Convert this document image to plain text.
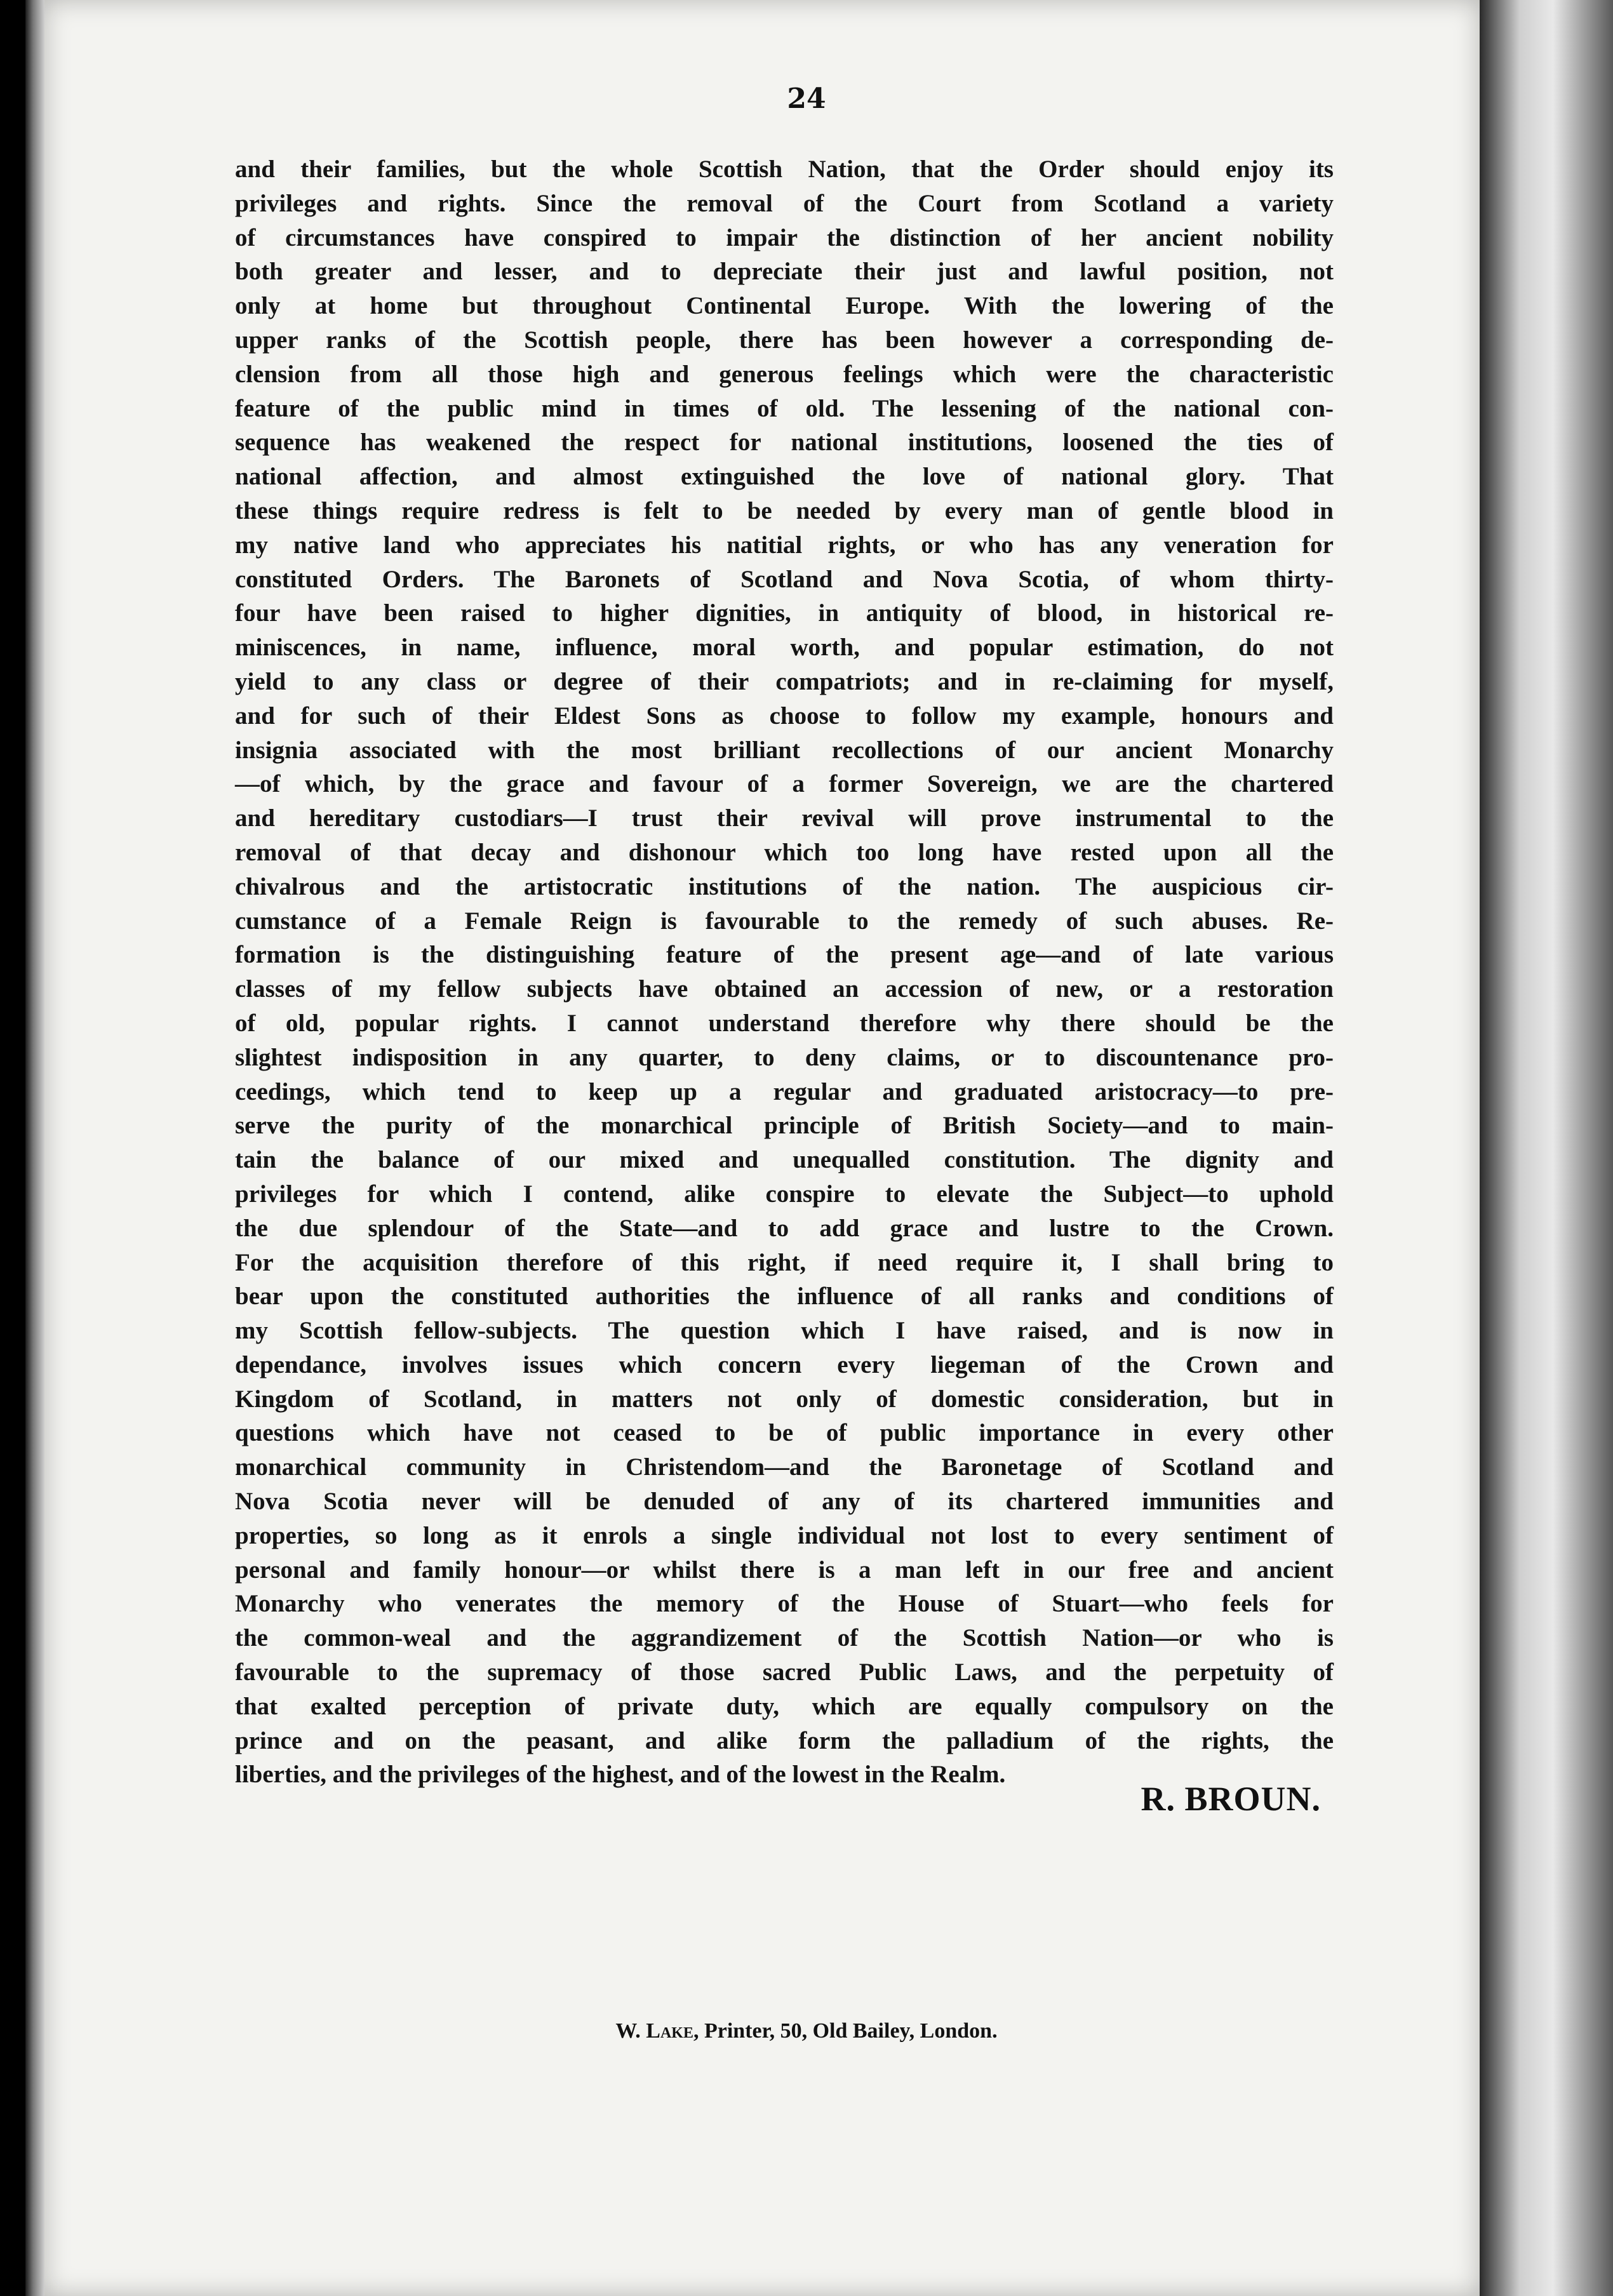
24
and their families, but the whole Scottish Nation, that the Order should enjoy its
privileges and rights. Since the removal of the Court from Scotland a variety
of circumstances have conspired to impair the distinction of her ancient nobility
both greater and lesser, and to depreciate their just and lawful position, not
only at home but throughout Continental Europe. With the lowering of the
upper ranks of the Scottish people, there has been however a corresponding de-
clension from all those high and generous feelings which were the characteristic
feature of the public mind in times of old. The lessening of the national con-
sequence has weakened the respect for national institutions, loosened the ties of
national affection, and almost extinguished the love of national glory. That
these things require redress is felt to be needed by every man of gentle blood in
my native land who appreciates his natitial rights, or who has any veneration for
constituted Orders. The Baronets of Scotland and Nova Scotia, of whom thirty-
four have been raised to higher dignities, in antiquity of blood, in historical re-
miniscences, in name, influence, moral worth, and popular estimation, do not
yield to any class or degree of their compatriots; and in re-claiming for myself,
and for such of their Eldest Sons as choose to follow my example, honours and
insignia associated with the most brilliant recollections of our ancient Monarchy
—of which, by the grace and favour of a former Sovereign, we are the chartered
and hereditary custodiars—I trust their revival will prove instrumental to the
removal of that decay and dishonour which too long have rested upon all the
chivalrous and the artistocratic institutions of the nation. The auspicious cir-
cumstance of a Female Reign is favourable to the remedy of such abuses. Re-
formation is the distinguishing feature of the present age—and of late various
classes of my fellow subjects have obtained an accession of new, or a restoration
of old, popular rights. I cannot understand therefore why there should be the
slightest indisposition in any quarter, to deny claims, or to discountenance pro-
ceedings, which tend to keep up a regular and graduated aristocracy—to pre-
serve the purity of the monarchical principle of British Society—and to main-
tain the balance of our mixed and unequalled constitution. The dignity and
privileges for which I contend, alike conspire to elevate the Subject—to uphold
the due splendour of the State—and to add grace and lustre to the Crown.
For the acquisition therefore of this right, if need require it, I shall bring to
bear upon the constituted authorities the influence of all ranks and conditions of
my Scottish fellow-subjects. The question which I have raised, and is now in
dependance, involves issues which concern every liegeman of the Crown and
Kingdom of Scotland, in matters not only of domestic consideration, but in
questions which have not ceased to be of public importance in every other
monarchical community in Christendom—and the Baronetage of Scotland and
Nova Scotia never will be denuded of any of its chartered immunities and
properties, so long as it enrols a single individual not lost to every sentiment of
personal and family honour—or whilst there is a man left in our free and ancient
Monarchy who venerates the memory of the House of Stuart—who feels for
the common-weal and the aggrandizement of the Scottish Nation—or who is
favourable to the supremacy of those sacred Public Laws, and the perpetuity of
that exalted perception of private duty, which are equally compulsory on the
prince and on the peasant, and alike form the palladium of the rights, the
liberties, and the privileges of the highest, and of the lowest in the Realm.

R. BROUN.
W. Lake, Printer, 50, Old Bailey, London.
